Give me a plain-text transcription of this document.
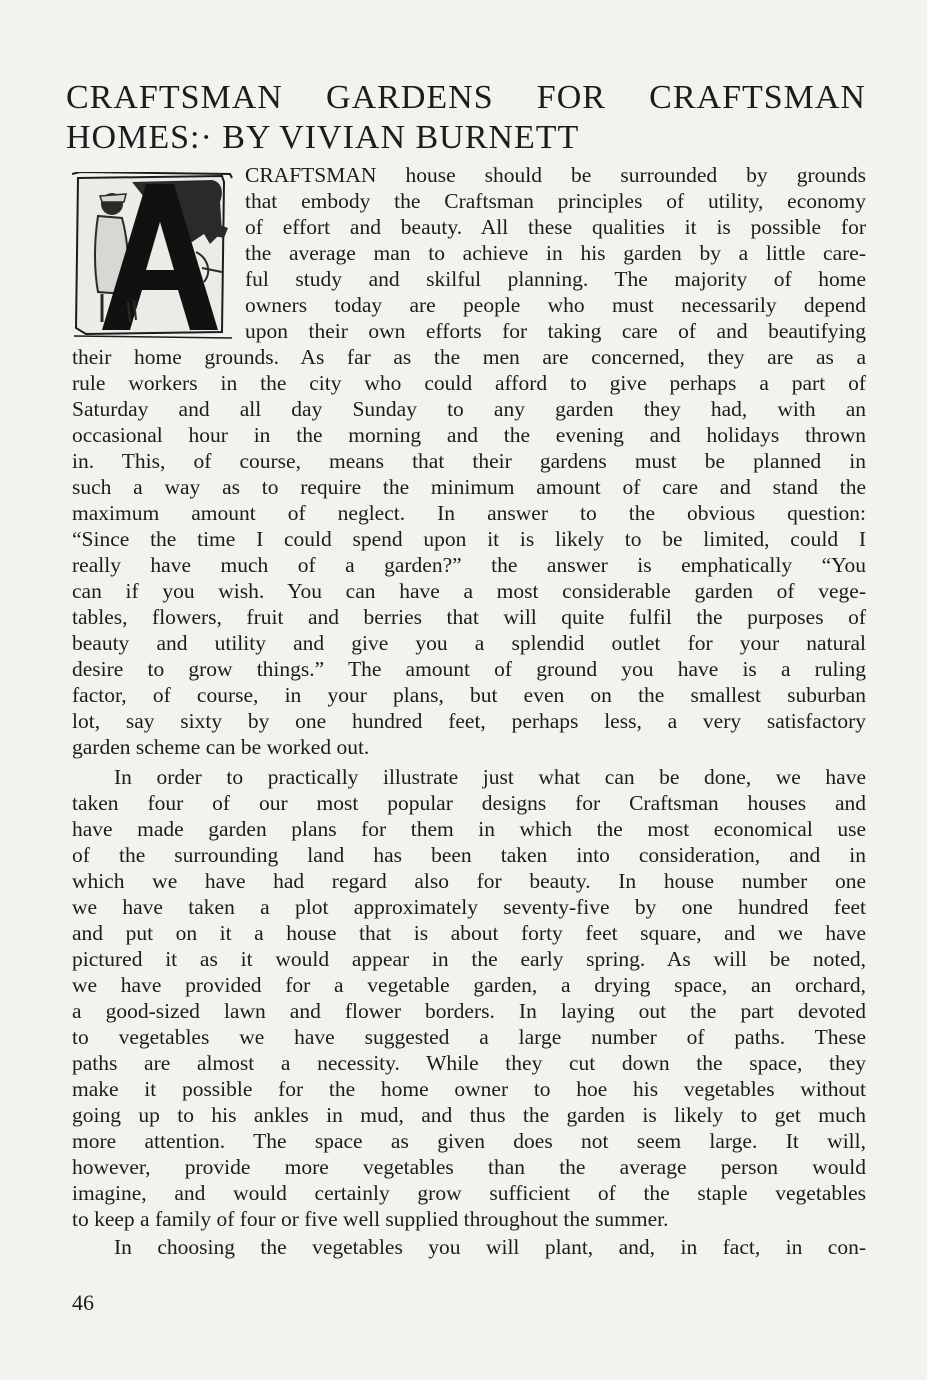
CRAFTSMAN GARDENS FOR CRAFTSMAN
HOMES:· BY VIVIAN BURNETT
CRAFTSMAN house should be surrounded by grounds
that embody the Craftsman principles of utility, economy
of effort and beauty. All these qualities it is possible for
the average man to achieve in his garden by a little care-
ful study and skilful planning. The majority of home
owners today are people who must necessarily depend
upon their own efforts for taking care of and beautifying
their home grounds. As far as the men are concerned, they are as a
rule workers in the city who could afford to give perhaps a part of
Saturday and all day Sunday to any garden they had, with an
occasional hour in the morning and the evening and holidays thrown
in. This, of course, means that their gardens must be planned in
such a way as to require the minimum amount of care and stand the
maximum amount of neglect. In answer to the obvious question:
“Since the time I could spend upon it is likely to be limited, could I
really have much of a garden?” the answer is emphatically “You
can if you wish. You can have a most considerable garden of vege-
tables, flowers, fruit and berries that will quite fulfil the purposes of
beauty and utility and give you a splendid outlet for your natural
desire to grow things.” The amount of ground you have is a ruling
factor, of course, in your plans, but even on the smallest suburban
lot, say sixty by one hundred feet, perhaps less, a very satisfactory
garden scheme can be worked out.
In order to practically illustrate just what can be done, we have
taken four of our most popular designs for Craftsman houses and
have made garden plans for them in which the most economical use
of the surrounding land has been taken into consideration, and in
which we have had regard also for beauty. In house number one
we have taken a plot approximately seventy-five by one hundred feet
and put on it a house that is about forty feet square, and we have
pictured it as it would appear in the early spring. As will be noted,
we have provided for a vegetable garden, a drying space, an orchard,
a good-sized lawn and flower borders. In laying out the part devoted
to vegetables we have suggested a large number of paths. These
paths are almost a necessity. While they cut down the space, they
make it possible for the home owner to hoe his vegetables without
going up to his ankles in mud, and thus the garden is likely to get much
more attention. The space as given does not seem large. It will,
however, provide more vegetables than the average person would
imagine, and would certainly grow sufficient of the staple vegetables
to keep a family of four or five well supplied throughout the summer.
In choosing the vegetables you will plant, and, in fact, in con-
46
